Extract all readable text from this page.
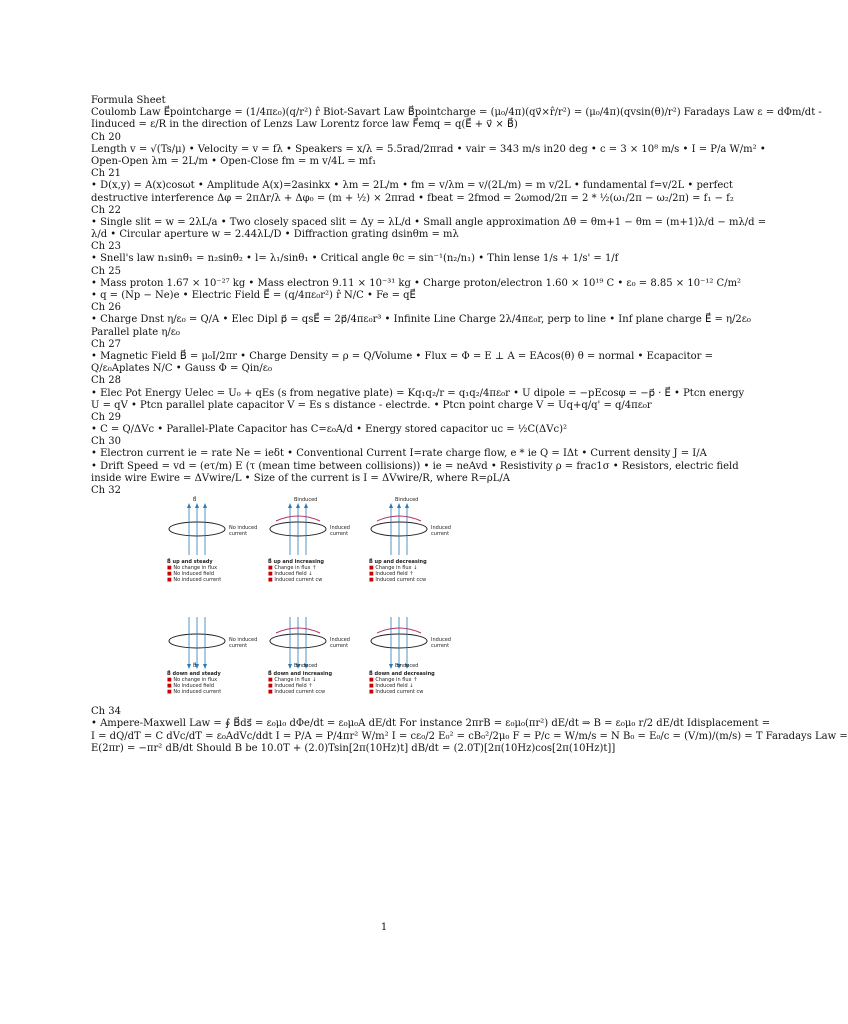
Formula Sheet
Coulomb Law E⃗pointcharge = (1/4πε₀)(q/r²) r̂ Biot-Savart Law B⃗pointcharge = (μ₀/4π)(qv⃗×r̂/r²) = (μ₀/4π)(qvsin(θ)/r²) Faradays Law ε = dΦm/dt -
Iinduced = ε/R in the direction of Lenzs Law Lorentz force law F⃗emq = q(E⃗ + v⃗ × B⃗)
Ch 20
Length v = √(Ts/μ) • Velocity = v = fλ • Speakers = x/λ = 5.5rad/2πrad • vair = 343 m/s in20 deg • c = 3 × 10⁸ m/s • I = P/a W/m² •
Open-Open λm = 2L/m • Open-Close fm = m v/4L = mf₁
Ch 21
• D(x,y) = A(x)cosωt • Amplitude A(x)=2asinkx • λm = 2L/m • fm = v/λm = v/(2L/m) = m v/2L • fundamental f=v/2L • perfect
destructive interference Δφ = 2πΔr/λ + Δφ₀ = (m + ½) × 2πrad • fbeat = 2fmod = 2ωmod/2π = 2 * ½(ω₁/2π − ω₂/2π) = f₁ − f₂
Ch 22
• Single slit = w = 2λL/a • Two closely spaced slit = Δy = λL/d • Small angle approximation Δθ = θm+1 − θm = (m+1)λ/d − mλ/d =
λ/d • Circular aperture w = 2.44λL/D • Diffraction grating dsinθm = mλ
Ch 23
• Snell's law n₁sinθ₁ = n₂sinθ₂ • l= λ₁/sinθ₁ • Critical angle θc = sin⁻¹(n₂/n₁) • Thin lense 1/s + 1/s' = 1/f
Ch 25
• Mass proton 1.67 × 10⁻²⁷ kg • Mass electron 9.11 × 10⁻³¹ kg • Charge proton/electron 1.60 × 10¹⁹ C • ε₀ = 8.85 × 10⁻¹² C/m²
• q = (Np − Ne)e • Electric Field E⃗ = (q/4πε₀r²) r̂ N/C • Fe = qE⃗
Ch 26
• Charge Dnst η/ε₀ = Q/A • Elec Dipl p⃗ = qsE⃗ = 2p⃗/4πε₀r³ • Infinite Line Charge 2λ/4πε₀r, perp to line • Inf plane charge E⃗ = η/2ε₀
Parallel plate η/ε₀
Ch 27
• Magnetic Field B⃗ = μ₀I/2πr • Charge Density = ρ = Q/Volume • Flux = Φ = E ⊥ A = EAcos(θ) θ = normal • Ecapacitor =
Q/ε₀Aplates N/C • Gauss Φ = Qin/ε₀
Ch 28
• Elec Pot Energy Uelec = U₀ + qEs (s from negative plate) = Kq₁q₂/r = q₁q₂/4πε₀r • U dipole = −pEcosφ = −p⃗ · E⃗ • Ptcn energy
U = qV • Ptcn parallel plate capacitor V = Es s distance - electrde. • Ptcn point charge V = Uq+q/q' = q/4πε₀r
Ch 29
• C = Q/ΔVc • Parallel-Plate Capacitor has C=ε₀A/d • Energy stored capacitor uc = ½C(ΔVc)²
Ch 30
• Electron current ie = rate Ne = ieδt • Conventional Current I=rate charge flow, e * ie Q = IΔt • Current density J = I/A
• Drift Speed = vd = (eτ/m) E (τ (mean time between collisions)) • ie = neAvd • Resistivity ρ = frac1σ • Resistors, electric field
inside wire Ewire = ΔVwire/L • Size of the current is I = ΔVwire/R, where R=ρL/A
Ch 32
B⃗
No induced current
B⃗ up and steady
■ No change in flux
■ No induced field
■ No induced current
Binduced
Induced current
B⃗ up and increasing
■ Change in flux ↑
■ Induced field ↓
■ Induced current cw
Binduced
Induced current
B⃗ up and decreasing
■ Change in flux ↓
■ Induced field ↑
■ Induced current ccw
B⃗
No induced current
B⃗ down and steady
■ No change in flux
■ No induced field
■ No induced current
Binduced
Induced current
B⃗ down and increasing
■ Change in flux ↓
■ Induced field ↑
■ Induced current ccw
Binduced
Induced current
B⃗ down and decreasing
■ Change in flux ↑
■ Induced field ↓
■ Induced current cw
Ch 34
• Ampere-Maxwell Law = ∮ B⃗ds⃗ = ε₀μ₀ dΦe/dt = ε₀μ₀A dE/dt For instance 2πrB = ε₀μ₀(πr²) dE/dt ⇒ B = ε₀μ₀ r/2 dE/dt Idisplacement =
I = dQ/dT = C dVc/dT = ε₀AdVc/ddt I = P/A = P/4πr² W/m² I = cε₀/2 E₀² = cB₀²/2μ₀ F = P/c = W/m/s = N B₀ = E₀/c = (V/m)/(m/s) = T Faradays Law =
E(2πr) = −πr² dB/dt Should B be 10.0T + (2.0)Tsin[2π(10Hz)t] dB/dt = (2.0T)[2π(10Hz)cos[2π(10Hz)t]]
1
